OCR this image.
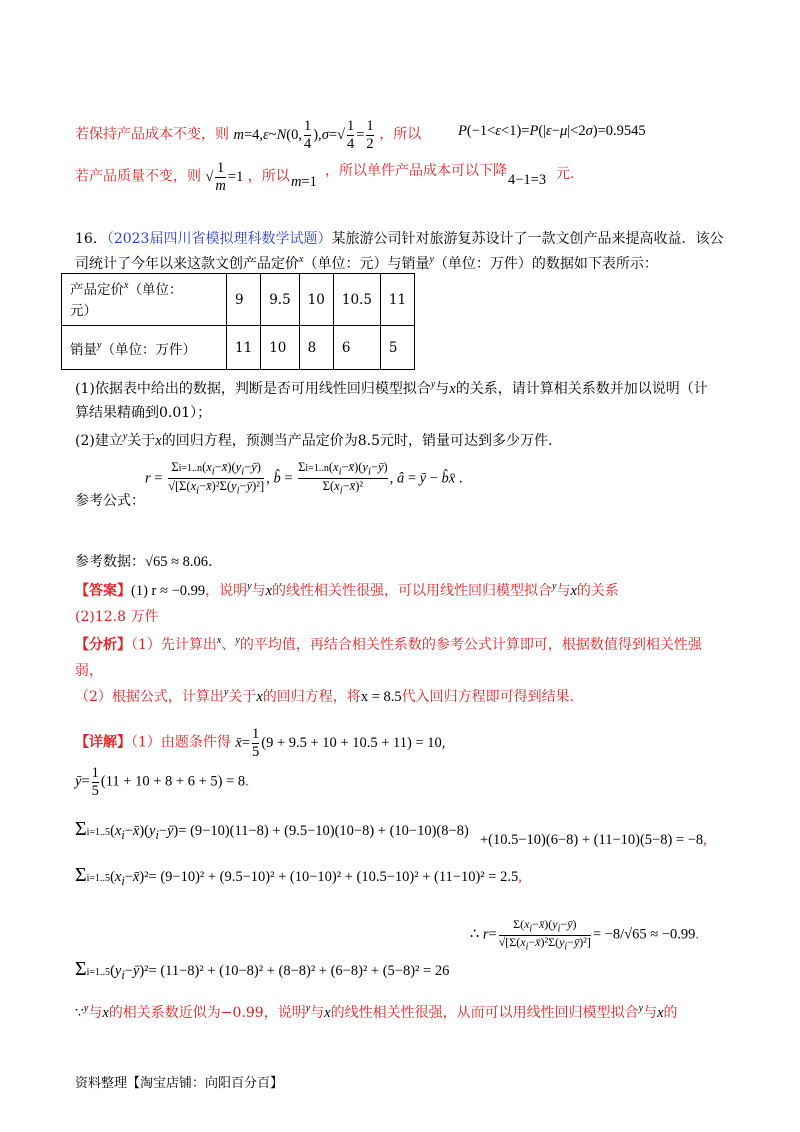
若保持产品成本不变，则 m=4,ε~N(0, $\frac{1}{4} ),\sigma=√ \frac{1}{4} = \frac{1}{2}$ ，所以	P(−1<ε<1)=P(|ε−μ|<2σ)=0.9545
若产品质量不变，则 √ $\frac{1}{m} =1$ ，所以 m=1
，所以单件产品成本可以下降
4−1=3 元.
16．（2023届四川省模拟理科数学试题）某旅游公司针对旅游复苏设计了一款文创产品来提高收益．该公
司统计了今年以来这款文创产品定价$^x$（单位：元）与销量$^y$（单位：万件）的数据如下表所示：
产品定价$^x$（单位：
元）	9	9.5	10	10.5	11
销量$^y$（单位：万件）	11	10	8	6	5
(1)依据表中给出的数据，判断是否可用线性回归模型拟合$^y$与x的关系，请计算相关系数并加以说明（计
算结果精确到0.01）；
(2)建立$^y$关于x的回归方程，预测当产品定价为8.5元时，销量可达到多少万件.
参考公式：
$r = \frac{\Sigma i=1..n(x_i-x̄)(y_i-ȳ)}{√[\Sigma(x_i-x̄)^2\Sigma(y_i-ȳ)^2]}$ , b̂ = $\frac{\Sigma i=1..n(x_i-x̄)(y_i-ȳ)}{\Sigma(x_i-x̄)^2}$ , â = ȳ − b̂x̄ .
参考数据：√65 ≈ 8.06．
【答案】(1) r ≈ −0.99，说明$^y$与x的线性相关性很强，可以用线性回归模型拟合$^y$与x的关系
(2)12.8 万件
【分析】（1）先计算出$^x$、$^y$的平均值，再结合相关性系数的参考公式计算即可，根据数值得到相关性强
弱，
（2）根据公式，计算出$^y$关于x的回归方程，将x = 8.5代入回归方程即可得到结果.
【详解】（1）由题条件得 x̄= $\frac{1}{5} (9 + 9.5 + 10 + 10.5 + 11) = 10$,
ȳ= $\frac{1}{5} (11 + 10 + 8 + 6 + 5) = 8$.
$\Sigma i=1..5(x_i-x̄)(y_i-ȳ)= (9-10)(11-8) + (9.5-10)(10-8) + (10-10)(8-8)$
+(10.5−10)(6−8) + (11−10)(5−8) = −8,
$\Sigma i=1..5(x_i-x̄)^2= (9-10)^2 + (9.5-10)^2 + (10-10)^2 + (10.5-10)^2 + (11-10)^2 = 2.5$,
∴ $r= \frac{\Sigma(x_i-x̄)(y_i-ȳ)}{√[\Sigma(x_i-x̄)^2\Sigma(y_i-ȳ)^2]} = -8/√65 \approx -0.99$.
$\Sigma i=1..5(y_i-ȳ)^2= (11-8)^2 + (10-8)^2 + (8-8)^2 + (6-8)^2 + (5-8)^2 = 26$
∵$^y$与x的相关系数近似为−0.99，说明$^y$与x的线性相关性很强，从而可以用线性回归模型拟合$^y$与x的
资料整理【淘宝店铺：向阳百分百】
